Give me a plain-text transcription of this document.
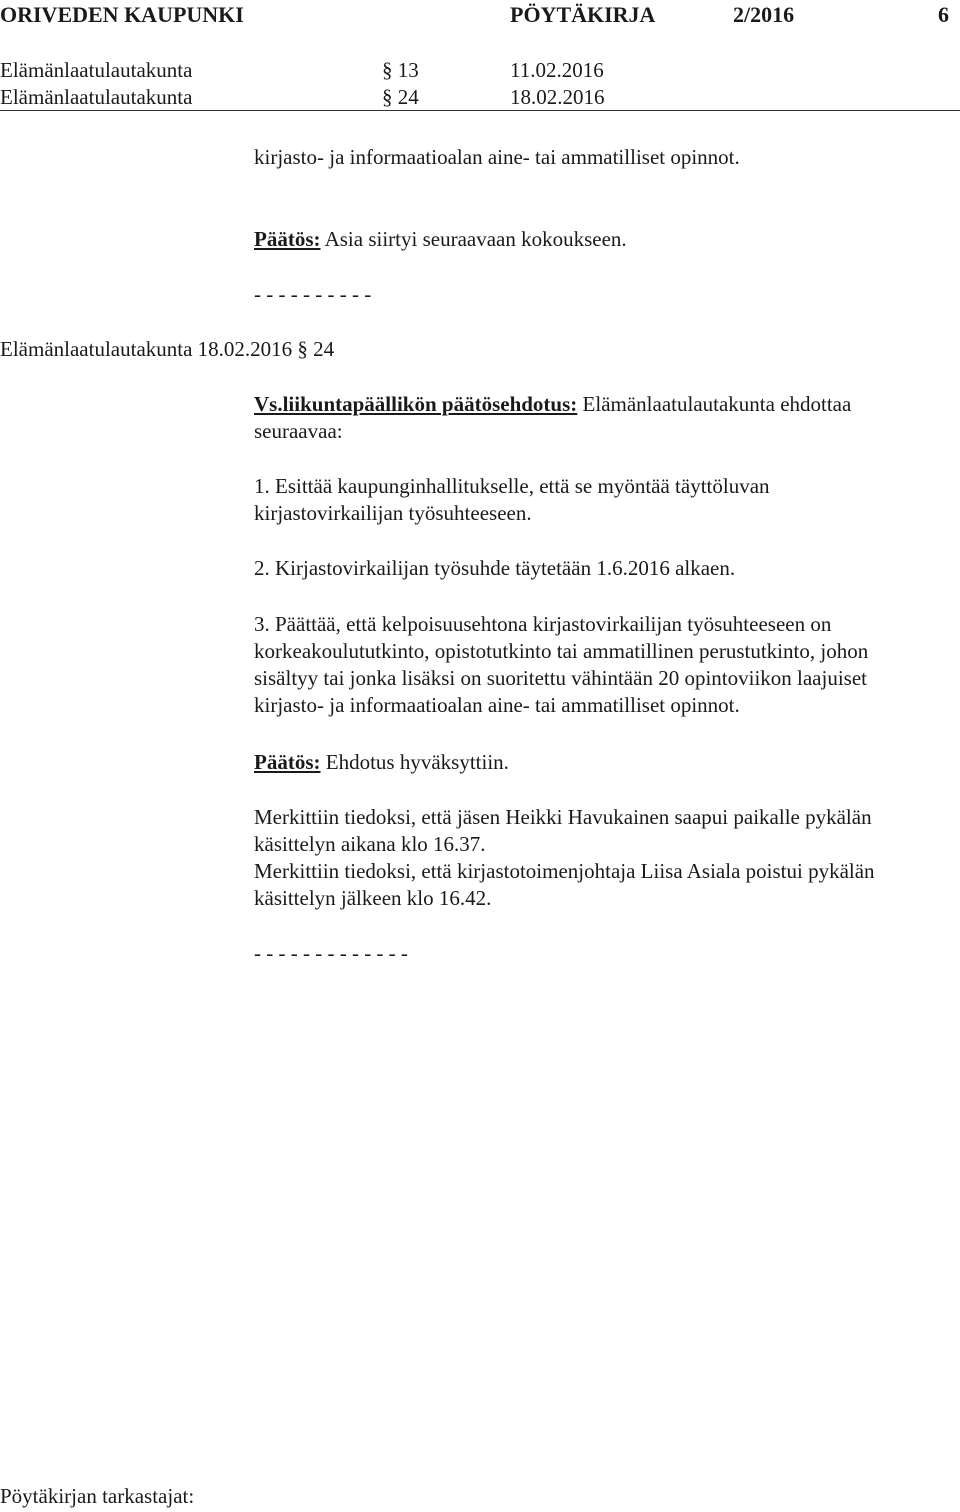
ORIVEDEN KAUPUNKI	PÖYTÄKIRJA	2/2016	6
Elämänlaatulautakunta	§ 13	11.02.2016
Elämänlaatulautakunta	§ 24	18.02.2016
kirjasto- ja informaatioalan aine- tai ammatilliset opinnot.
Päätös: Asia siirtyi seuraavaan kokoukseen.
- - - - - - - - - -
Elämänlaatulautakunta 18.02.2016 § 24
Vs.liikuntapäällikön päätösehdotus: Elämänlaatulautakunta ehdottaa
seuraavaa:
1. Esittää kaupunginhallitukselle, että se myöntää täyttöluvan
kirjastovirkailijan työsuhteeseen.
2. Kirjastovirkailijan työsuhde täytetään 1.6.2016 alkaen.
3. Päättää, että kelpoisuusehtona kirjastovirkailijan työsuhteeseen on
korkeakoulututkinto, opistotutkinto tai ammatillinen perustutkinto, johon
sisältyy tai jonka lisäksi on suoritettu vähintään 20 opintoviikon laajuiset
kirjasto- ja informaatioalan aine- tai ammatilliset opinnot.
Päätös: Ehdotus hyväksyttiin.
Merkittiin tiedoksi, että jäsen Heikki Havukainen saapui paikalle pykälän
käsittelyn aikana klo 16.37.
Merkittiin tiedoksi, että kirjastotoimenjohtaja Liisa Asiala poistui pykälän
käsittelyn jälkeen klo 16.42.
- - - - - - - - - - - - -
Pöytäkirjan tarkastajat:
